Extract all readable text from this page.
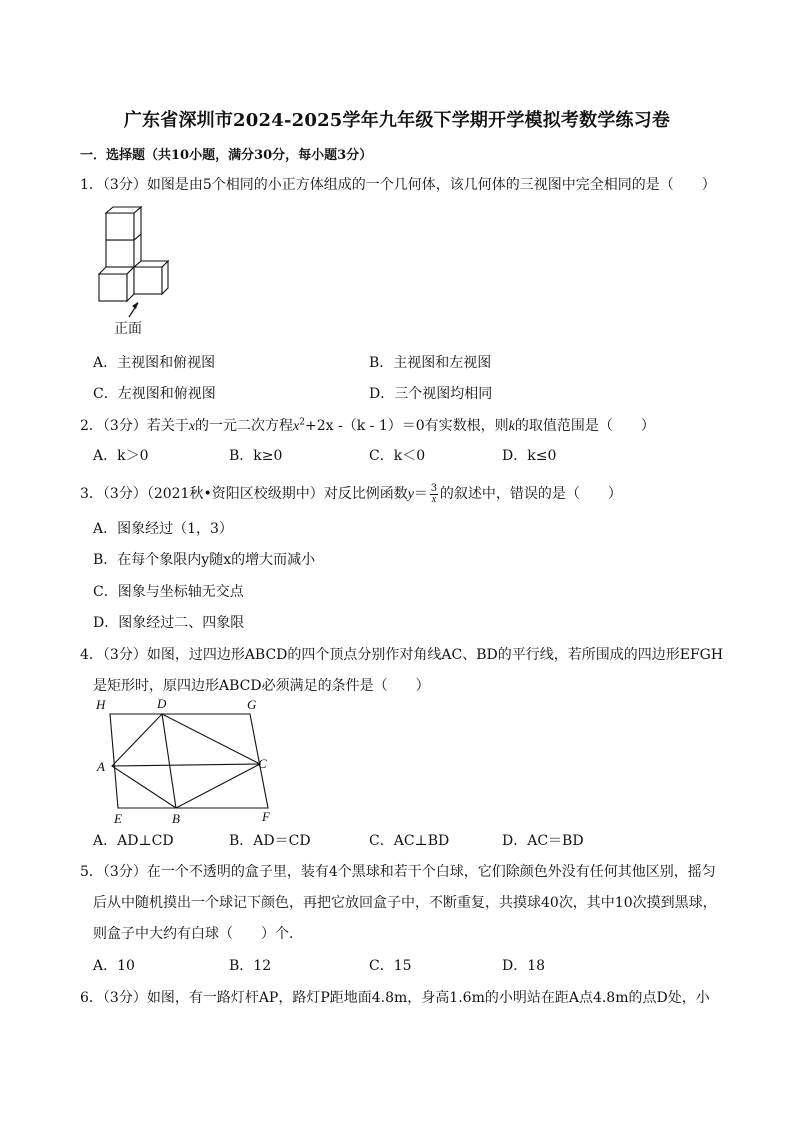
广东省深圳市2024-2025学年九年级下学期开学模拟考数学练习卷
一．选择题（共10小题，满分30分，每小题3分）
1．（3分）如图是由5个相同的小正方体组成的一个几何体，该几何体的三视图中完全相同的是（　　）
正面
A．主视图和俯视图	B．主视图和左视图
C．左视图和俯视图	D．三个视图均相同
2．（3分）若关于x的一元二次方程$x^2+2x$ -（k - 1）＝0有实数根，则k的取值范围是（　　）
A．k＞0	B．k≥0	C．k＜0	D．k≤0
3．（3分）（2021秋•资阳区校级期中）对反比例函数$y= \frac{3}{x}$ 的叙述中，错误的是（　　）
A．图象经过（1，3）
B．在每个象限内y随x的增大而减小
C．图象与坐标轴无交点
D．图象经过二、四象限
4．（3分）如图，过四边形ABCD的四个顶点分别作对角线AC、BD的平行线，若所围成的四边形EFGH
是矩形时，原四边形ABCD必须满足的条件是（　　）
H	D	G
A	C
E	B	F
A．AD⊥CD	B．AD＝CD	C．AC⊥BD	D．AC＝BD
5．（3分）在一个不透明的盒子里，装有4个黑球和若干个白球，它们除颜色外没有任何其他区别，摇匀
后从中随机摸出一个球记下颜色，再把它放回盒子中，不断重复，共摸球40次，其中10次摸到黑球，
则盒子中大约有白球（　　）个．
A．10	B．12	C．15	D．18
6．（3分）如图，有一路灯杆AP，路灯P距地面4.8m，身高1.6m的小明站在距A点4.8m的点D处，小
